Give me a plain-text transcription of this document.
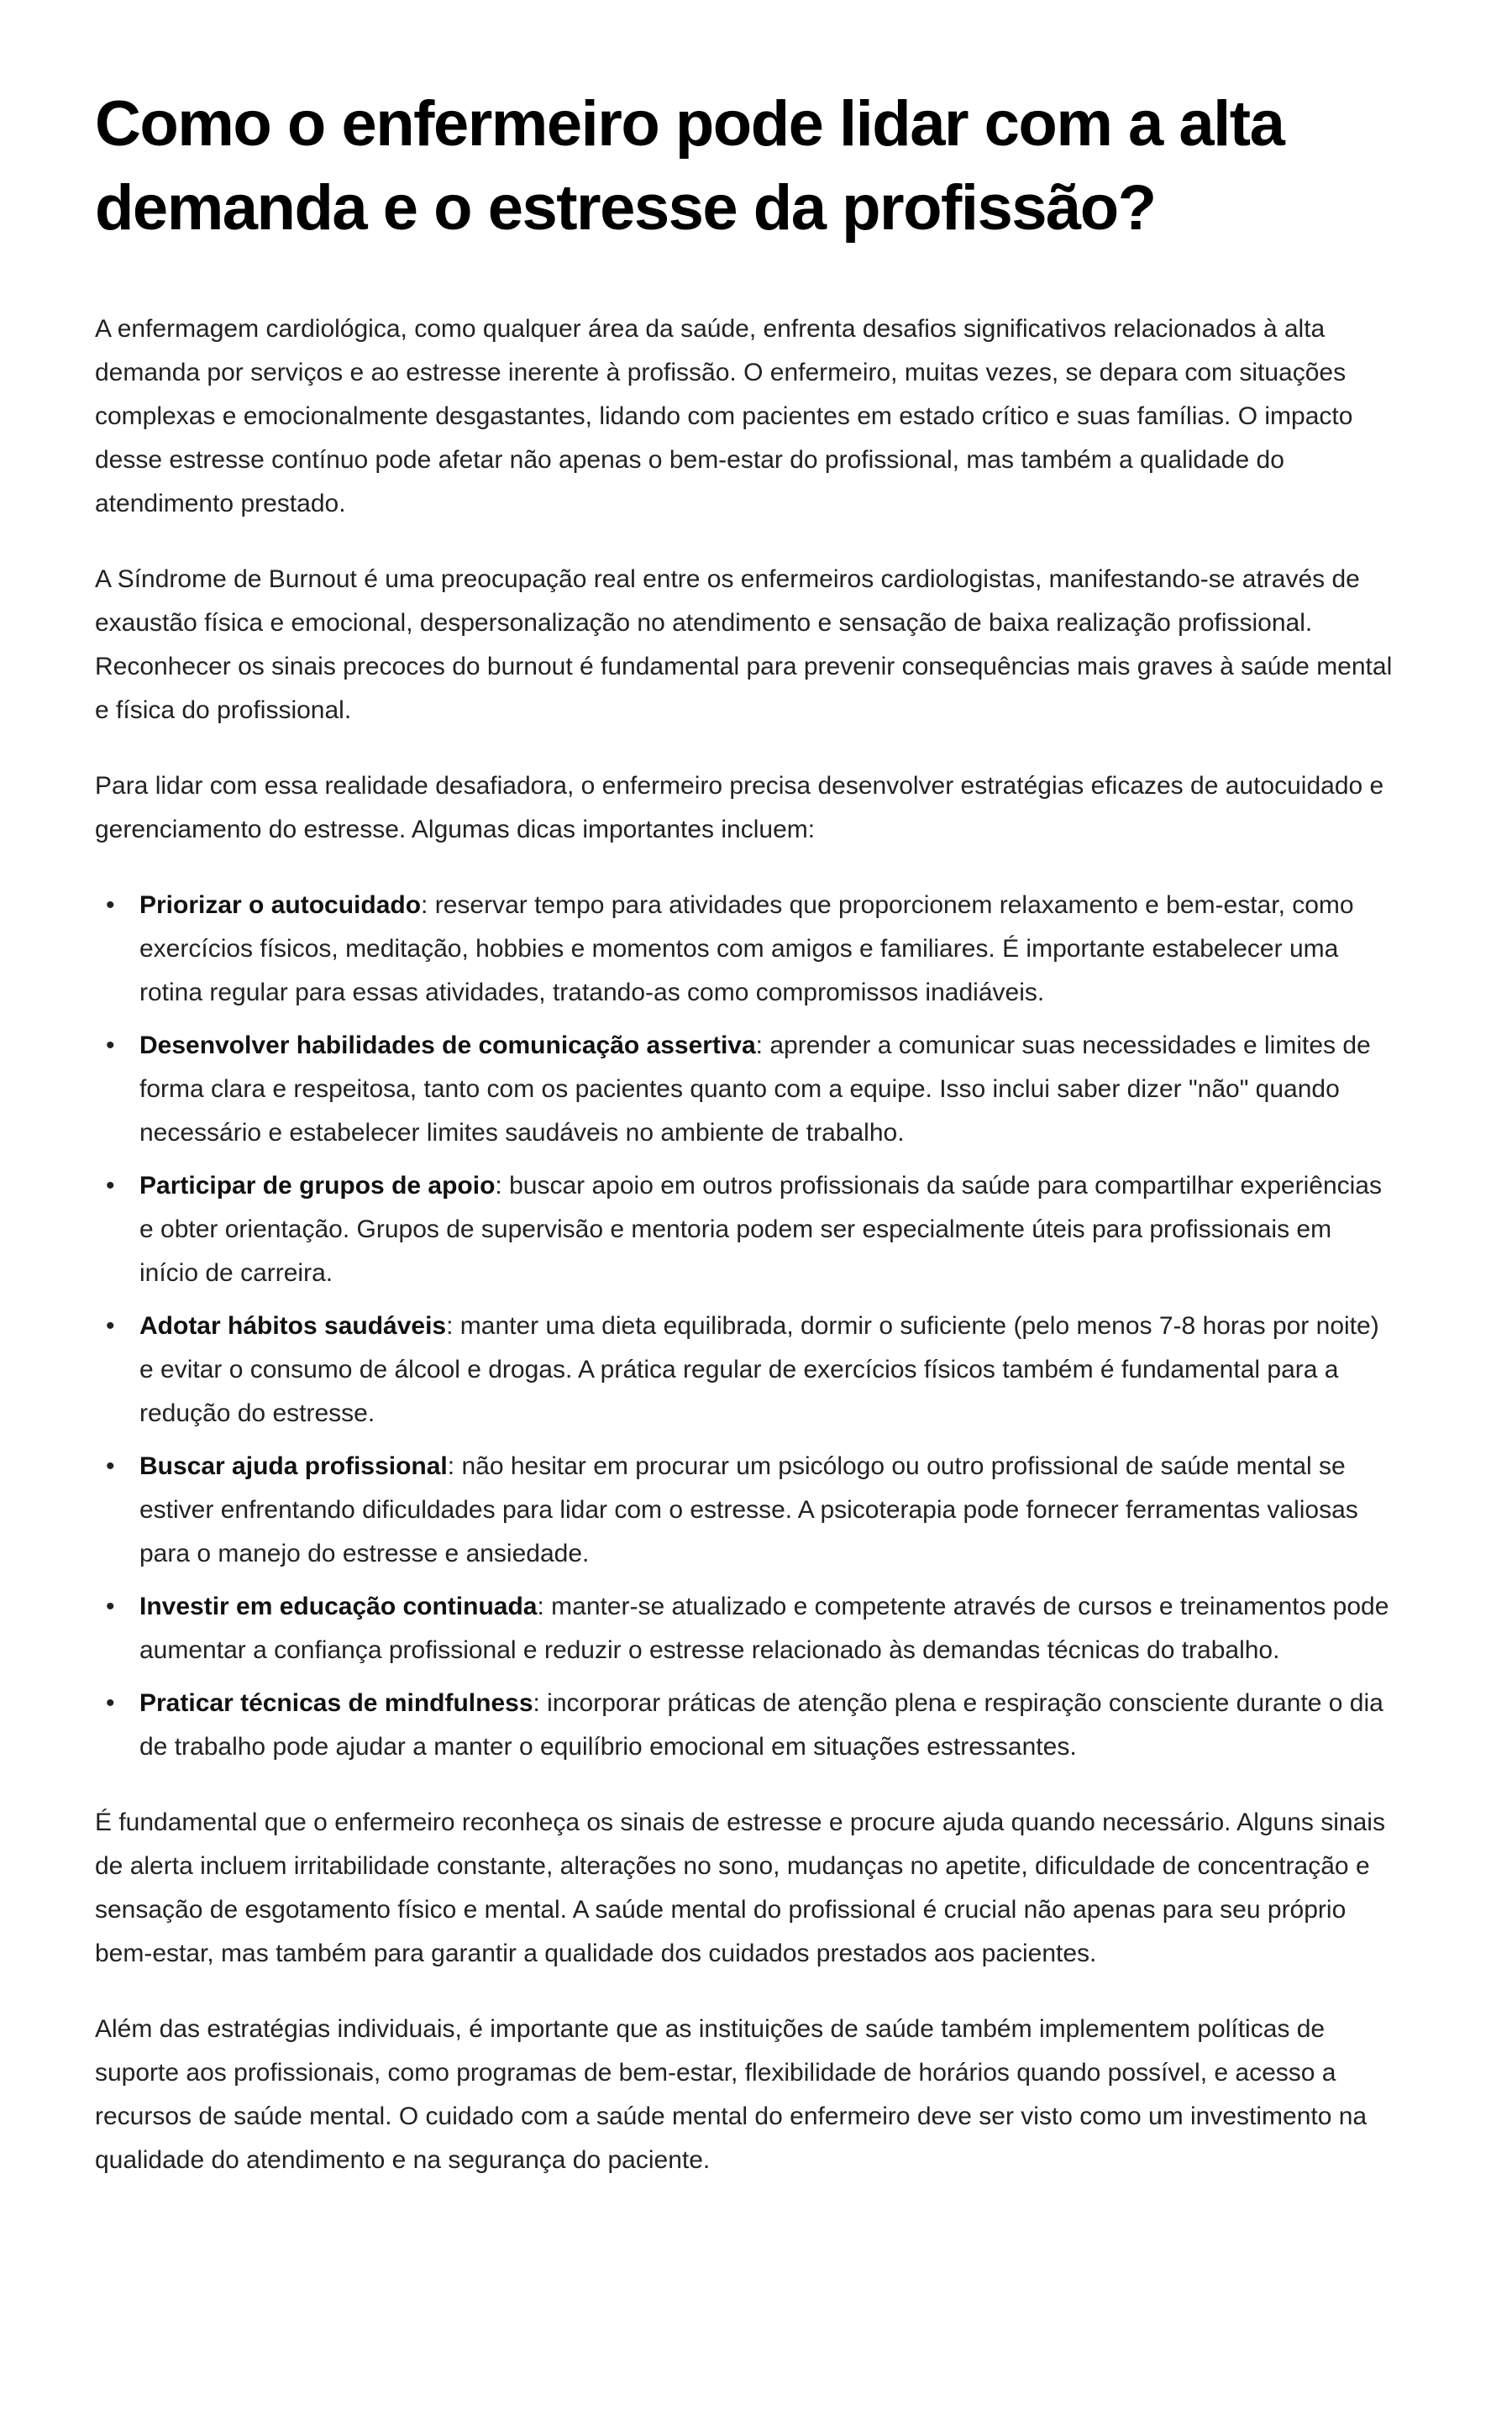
Como o enfermeiro pode lidar com a alta demanda e o estresse da profissão?

A enfermagem cardiológica, como qualquer área da saúde, enfrenta desafios significativos relacionados à alta demanda por serviços e ao estresse inerente à profissão. O enfermeiro, muitas vezes, se depara com situações complexas e emocionalmente desgastantes, lidando com pacientes em estado crítico e suas famílias. O impacto desse estresse contínuo pode afetar não apenas o bem-estar do profissional, mas também a qualidade do atendimento prestado.

A Síndrome de Burnout é uma preocupação real entre os enfermeiros cardiologistas, manifestando-se através de exaustão física e emocional, despersonalização no atendimento e sensação de baixa realização profissional. Reconhecer os sinais precoces do burnout é fundamental para prevenir consequências mais graves à saúde mental e física do profissional.

Para lidar com essa realidade desafiadora, o enfermeiro precisa desenvolver estratégias eficazes de autocuidado e gerenciamento do estresse. Algumas dicas importantes incluem:

• Priorizar o autocuidado: reservar tempo para atividades que proporcionem relaxamento e bem-estar, como exercícios físicos, meditação, hobbies e momentos com amigos e familiares. É importante estabelecer uma rotina regular para essas atividades, tratando-as como compromissos inadiáveis.
• Desenvolver habilidades de comunicação assertiva: aprender a comunicar suas necessidades e limites de forma clara e respeitosa, tanto com os pacientes quanto com a equipe. Isso inclui saber dizer "não" quando necessário e estabelecer limites saudáveis no ambiente de trabalho.
• Participar de grupos de apoio: buscar apoio em outros profissionais da saúde para compartilhar experiências e obter orientação. Grupos de supervisão e mentoria podem ser especialmente úteis para profissionais em início de carreira.
• Adotar hábitos saudáveis: manter uma dieta equilibrada, dormir o suficiente (pelo menos 7-8 horas por noite) e evitar o consumo de álcool e drogas. A prática regular de exercícios físicos também é fundamental para a redução do estresse.
• Buscar ajuda profissional: não hesitar em procurar um psicólogo ou outro profissional de saúde mental se estiver enfrentando dificuldades para lidar com o estresse. A psicoterapia pode fornecer ferramentas valiosas para o manejo do estresse e ansiedade.
• Investir em educação continuada: manter-se atualizado e competente através de cursos e treinamentos pode aumentar a confiança profissional e reduzir o estresse relacionado às demandas técnicas do trabalho.
• Praticar técnicas de mindfulness: incorporar práticas de atenção plena e respiração consciente durante o dia de trabalho pode ajudar a manter o equilíbrio emocional em situações estressantes.

É fundamental que o enfermeiro reconheça os sinais de estresse e procure ajuda quando necessário. Alguns sinais de alerta incluem irritabilidade constante, alterações no sono, mudanças no apetite, dificuldade de concentração e sensação de esgotamento físico e mental. A saúde mental do profissional é crucial não apenas para seu próprio bem-estar, mas também para garantir a qualidade dos cuidados prestados aos pacientes.

Além das estratégias individuais, é importante que as instituições de saúde também implementem políticas de suporte aos profissionais, como programas de bem-estar, flexibilidade de horários quando possível, e acesso a recursos de saúde mental. O cuidado com a saúde mental do enfermeiro deve ser visto como um investimento na qualidade do atendimento e na segurança do paciente.
